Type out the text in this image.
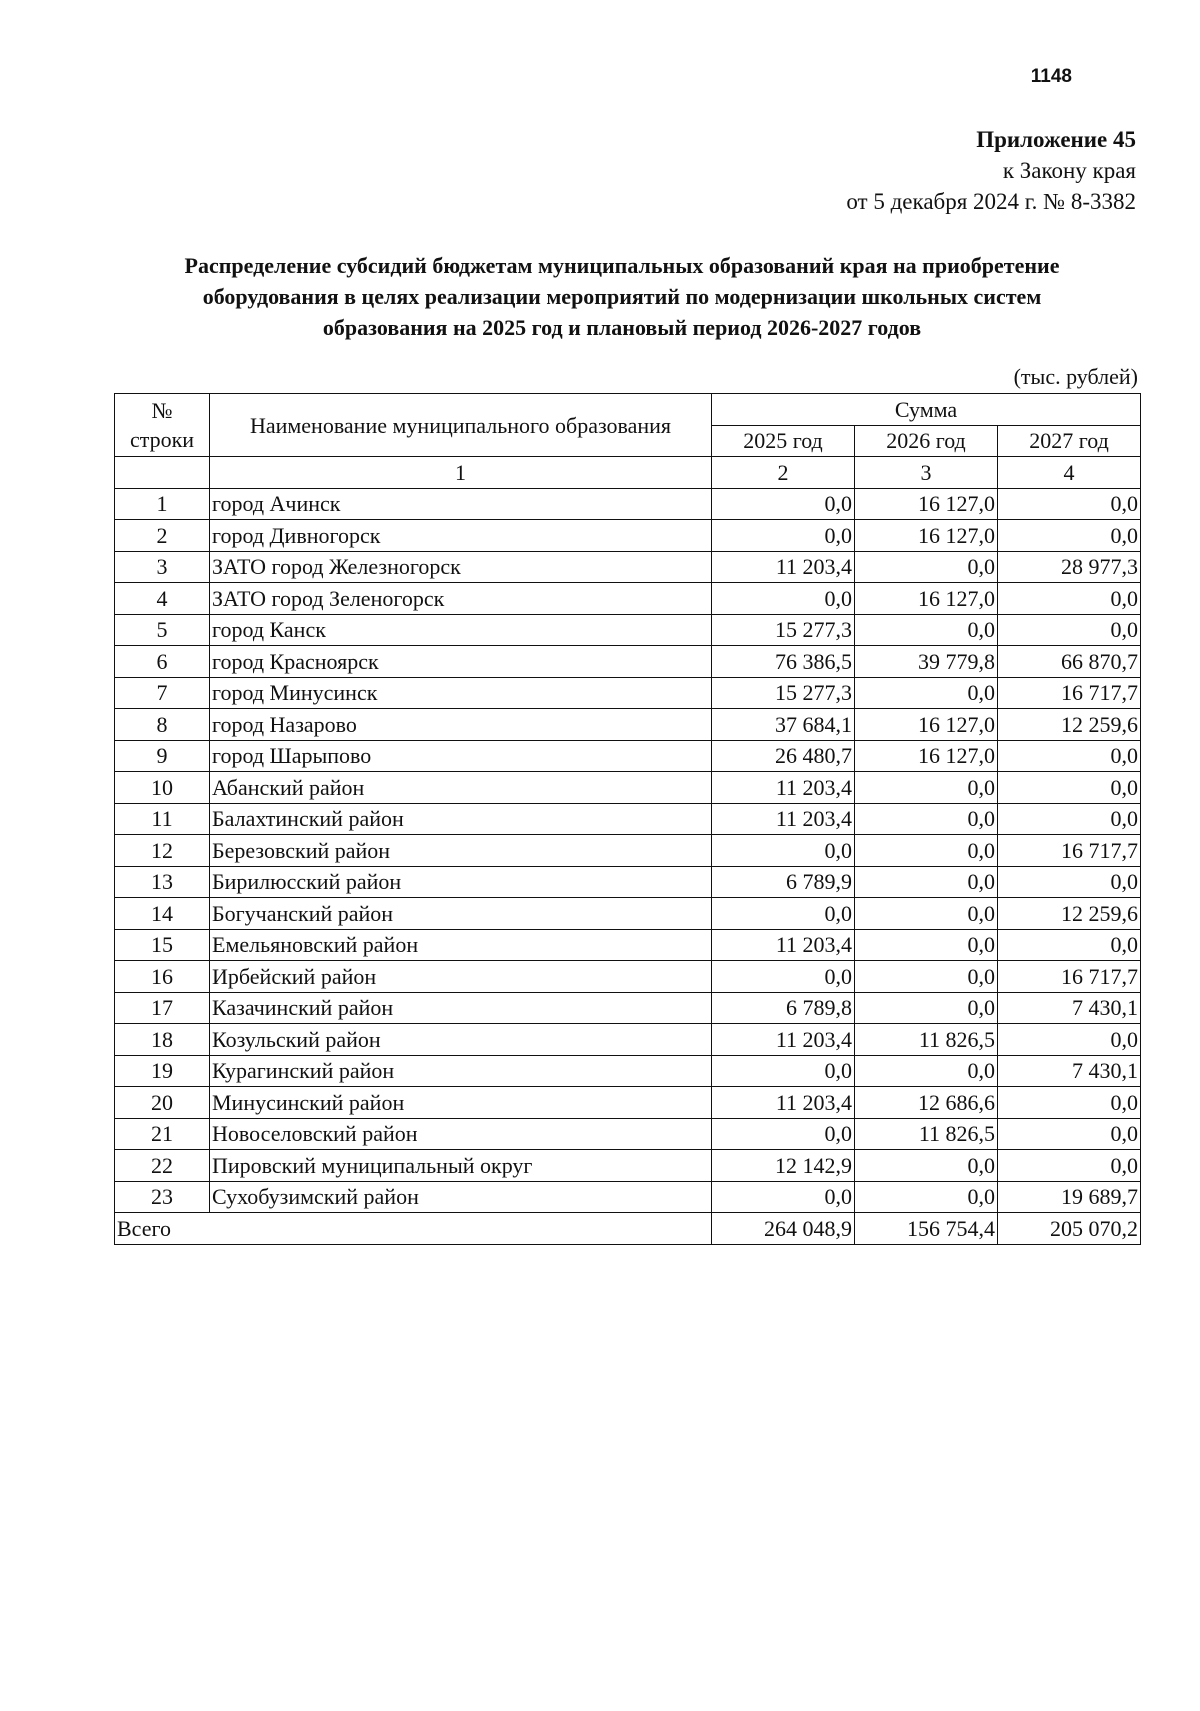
1148
Приложение 45
к Закону края
от 5 декабря 2024 г. № 8-3382
Распределение субсидий бюджетам муниципальных образований края на приобретение
оборудования в целях реализации мероприятий по модернизации школьных систем
образования на 2025 год и плановый период 2026-2027 годов
(тыс. рублей)
№
строки	Наименование муниципального образования	Сумма		
		2025 год	2026 год	2027 год
	1	2	3	4
1	город Ачинск	0,0	16 127,0	0,0
2	город Дивногорск	0,0	16 127,0	0,0
3	ЗАТО город Железногорск	11 203,4	0,0	28 977,3
4	ЗАТО город Зеленогорск	0,0	16 127,0	0,0
5	город Канск	15 277,3	0,0	0,0
6	город Красноярск	76 386,5	39 779,8	66 870,7
7	город Минусинск	15 277,3	0,0	16 717,7
8	город Назарово	37 684,1	16 127,0	12 259,6
9	город Шарыпово	26 480,7	16 127,0	0,0
10	Абанский район	11 203,4	0,0	0,0
11	Балахтинский район	11 203,4	0,0	0,0
12	Березовский район	0,0	0,0	16 717,7
13	Бирилюсский район	6 789,9	0,0	0,0
14	Богучанский район	0,0	0,0	12 259,6
15	Емельяновский район	11 203,4	0,0	0,0
16	Ирбейский район	0,0	0,0	16 717,7
17	Казачинский район	6 789,8	0,0	7 430,1
18	Козульский район	11 203,4	11 826,5	0,0
19	Курагинский район	0,0	0,0	7 430,1
20	Минусинский район	11 203,4	12 686,6	0,0
21	Новоселовский район	0,0	11 826,5	0,0
22	Пировский муниципальный округ	12 142,9	0,0	0,0
23	Сухобузимский район	0,0	0,0	19 689,7
Всего		264 048,9	156 754,4	205 070,2
